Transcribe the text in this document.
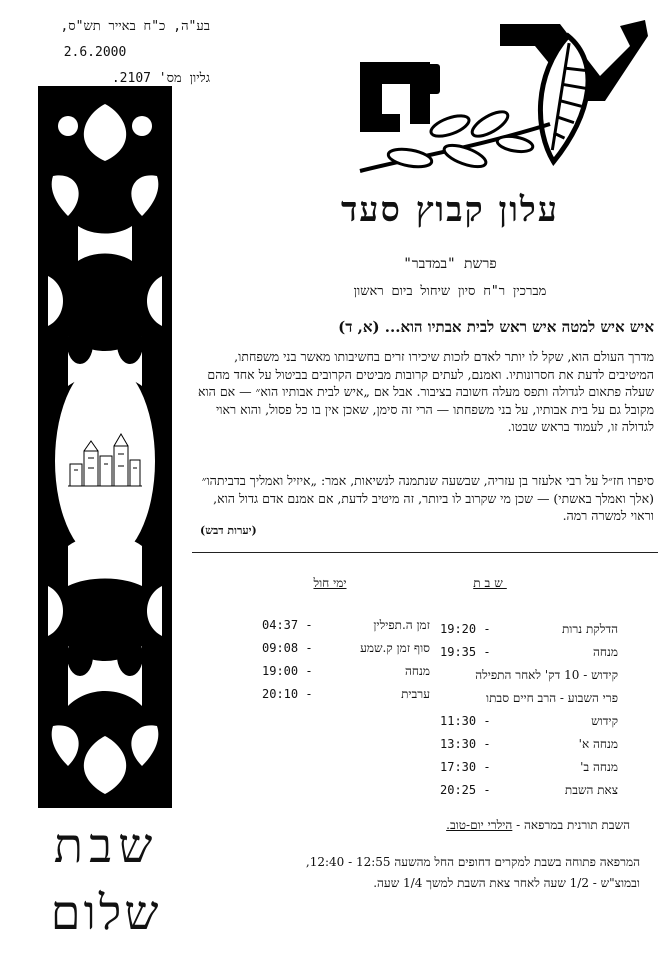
בע"ה, כ"ח באייר תש"ס,
2.6.2000
גליון מס' 2107.
עלון קבוץ סעד
פרשת "במדבר"
מברכין ר"ח סיון שיחול ביום ראשון
איש איש למטה איש ראש לבית אבתיו הוא... (א, ד)
מדרך העולם הוא, שקל לו יותר לאדם לזכות שיכירו זרים בחשיבותו מאשר בני משפחתו, המיטיבים לדעת את חסרונותיו. ואמנם, לעתים קרובות מביטים הקרובים בביטול על אחד מהם שעלה פתאום לגדולה ותפס מעלה חשובה בציבור. אבל אם „איש לבית אבותיו הוא״ — אם הוא מקובל גם על בית אבותיו, על בני משפחתו — הרי זה סימן, שאכן אין בו כל פסול, והוא ראוי לגדולה זו, לעמוד בראש שבטו.
סיפרו חז״ל על רבי אלעזר בן עזריה, שבשעה שנתמנה לנשיאות, אמר: „איזיל ואמליך בדביתהו״ (אלך ואמלך באשתי) — שכן מי שקרוב לו ביותר, זה מיטיב לדעת, אם אמנם אדם גדול הוא, וראוי למשרה רמה.
(יערות דבש)
שבת
ימי חול
הדלקת נרות
19:20 -
מנחה
19:35 -
קידוש - 10 דק' לאחר התפילה
פרי השבוע - הרב חיים סבתו
קידוש
11:30 -
מנחה א'
13:30 -
מנחה ב'
17:30 -
צאת השבת
20:25 -
זמן ה.תפילין
04:37 -
סוף זמן ק.שמע
09:08 -
מנחה
19:00 -
ערבית
20:10 -
השבת תורנית במרפאה - הילרי יום-טוב.
המרפאה פתוחה בשבת למקרים דחופים החל מהשעה 12:55 - 12:40,
ובמוצ"ש - 1/2 שעה לאחר צאת השבת למשך 1/4 שעה.
שבת
שלום
